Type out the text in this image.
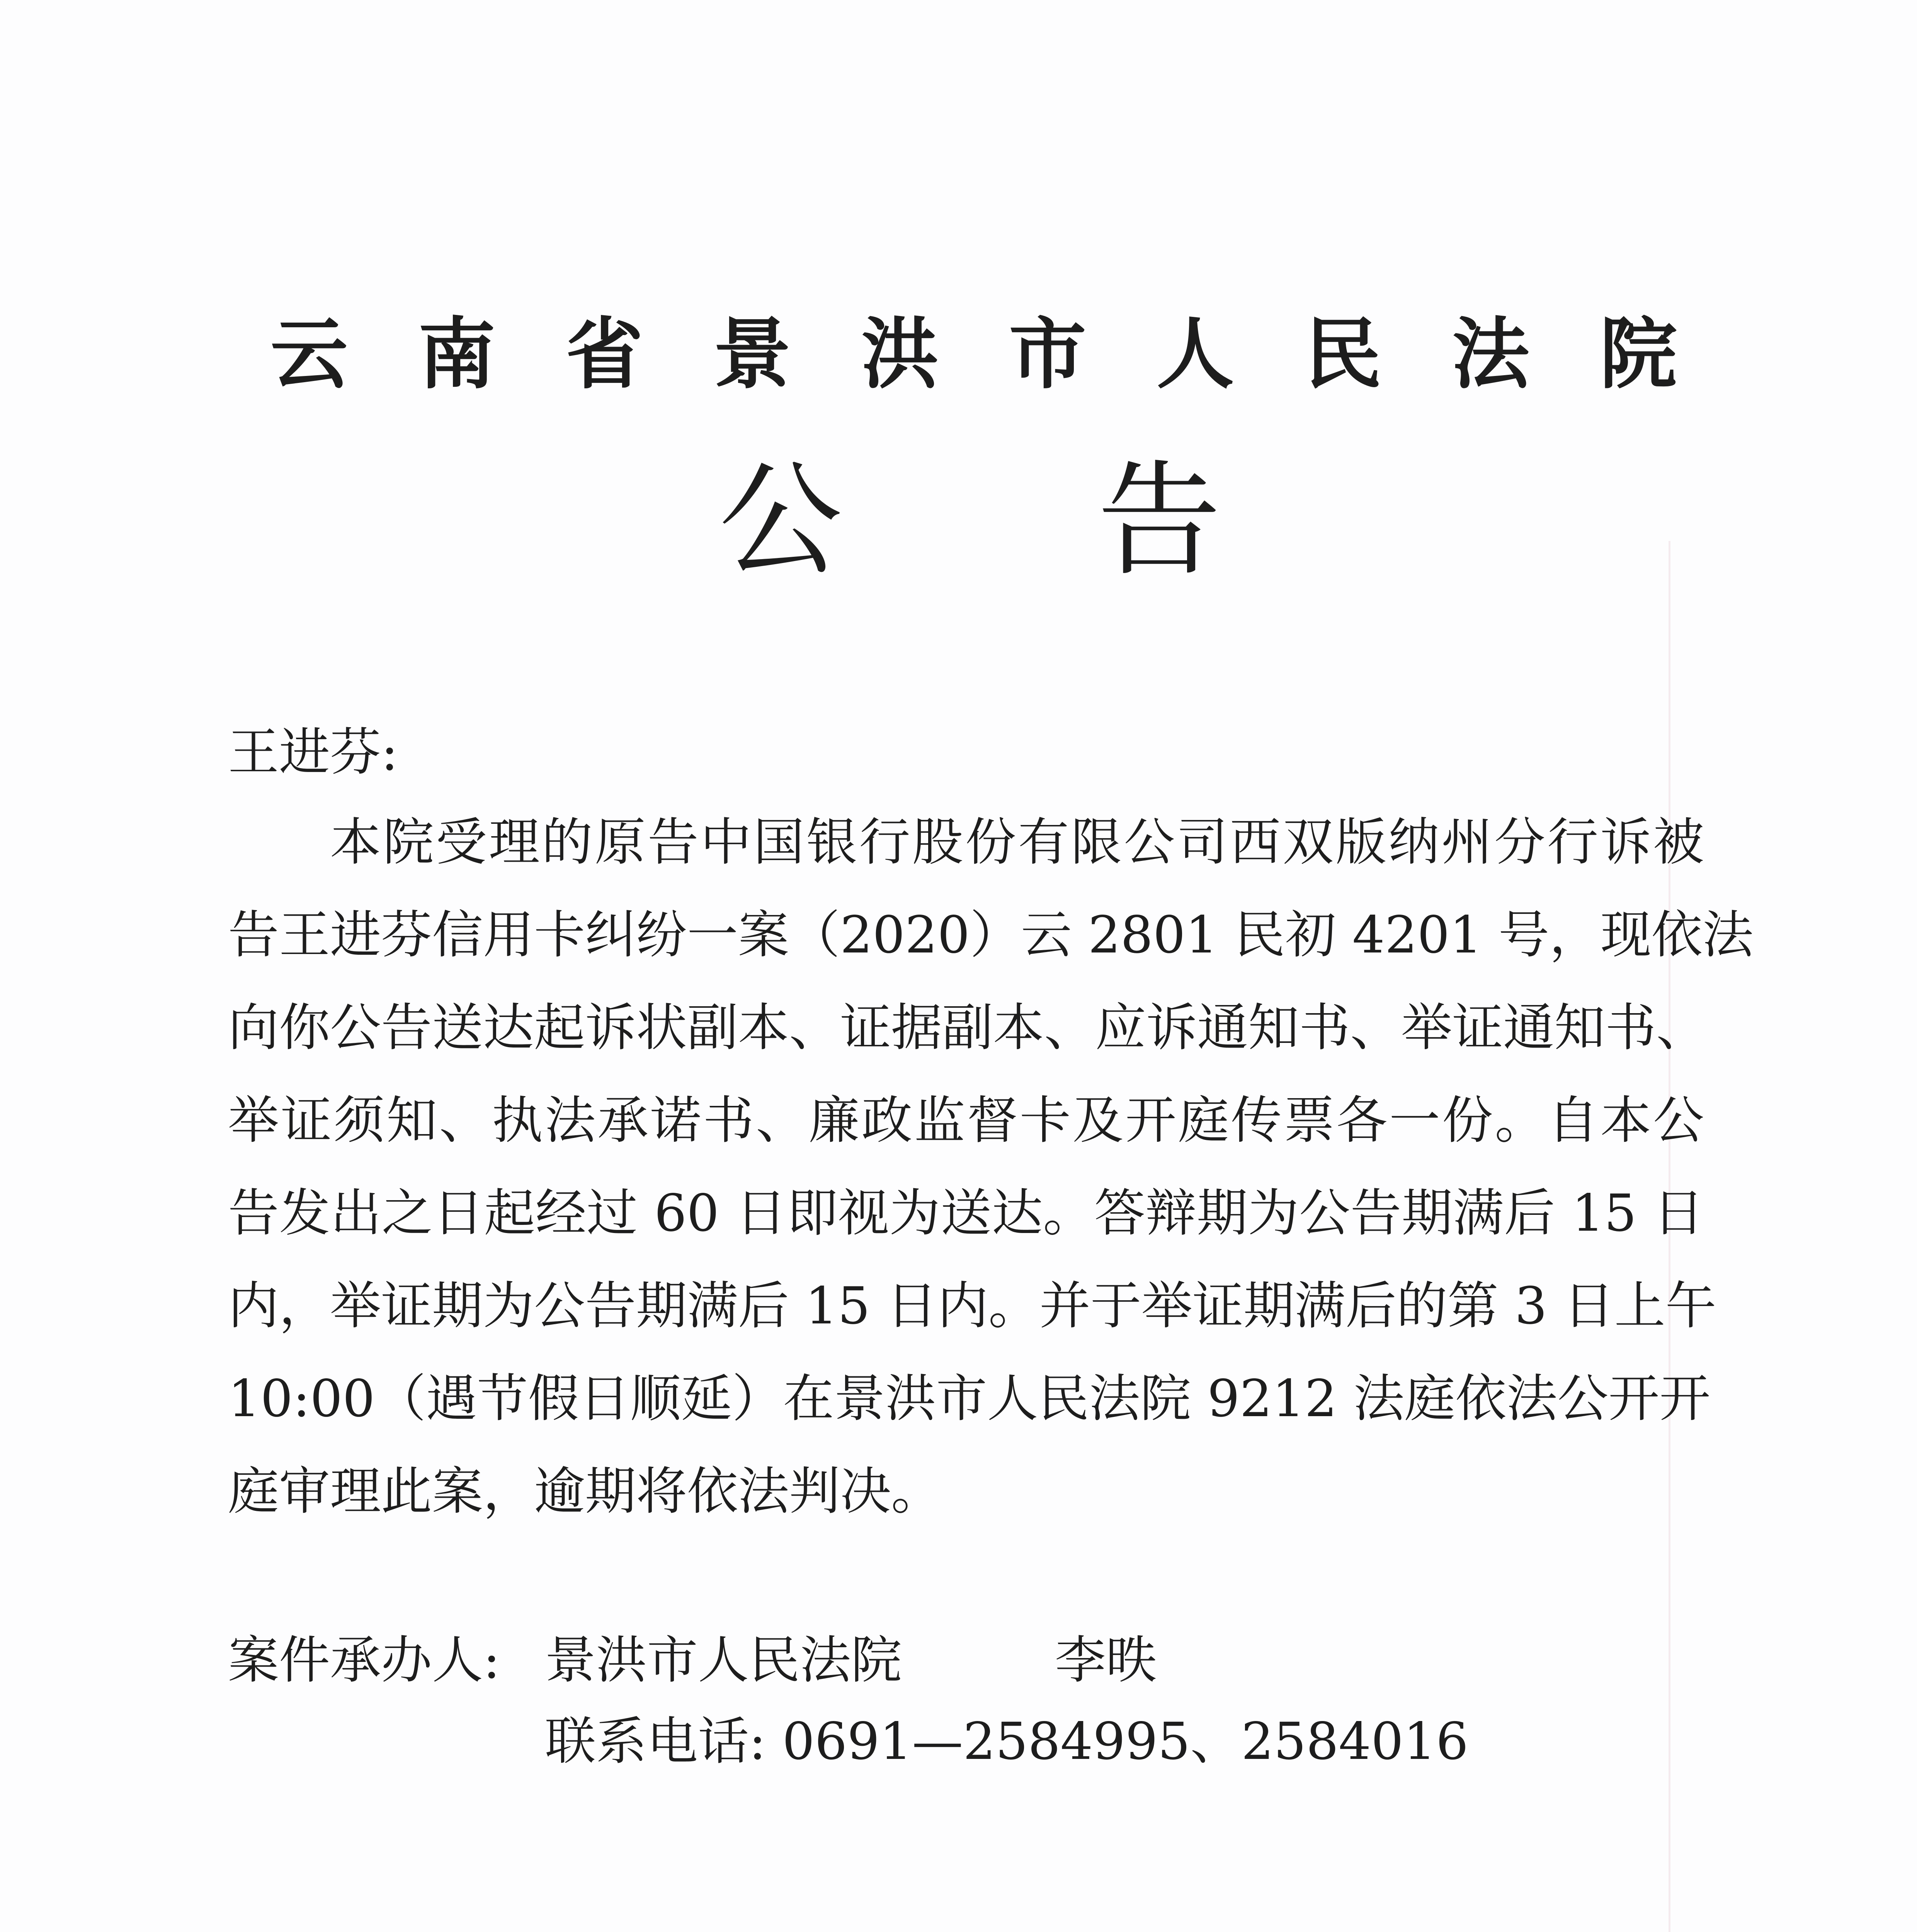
云 南 省 景 洪 市 人 民 法 院
公 告
王进芬:
本院受理的原告中国银行股份有限公司西双版纳州分行诉被
告王进芬信用卡纠纷一案（2020）云 2801 民初 4201 号，现依法
向你公告送达起诉状副本、证据副本、应诉通知书、举证通知书、
举证须知、执法承诺书、廉政监督卡及开庭传票各一份。自本公
告发出之日起经过 60 日即视为送达。答辩期为公告期满后 15 日
内，举证期为公告期满后 15 日内。并于举证期满后的第 3 日上午
10:00（遇节假日顺延）在景洪市人民法院 9212 法庭依法公开开
庭审理此案，逾期将依法判决。
案件承办人: 景洪市人民法院	李昳
联系电话: 0691—2584995、2584016
